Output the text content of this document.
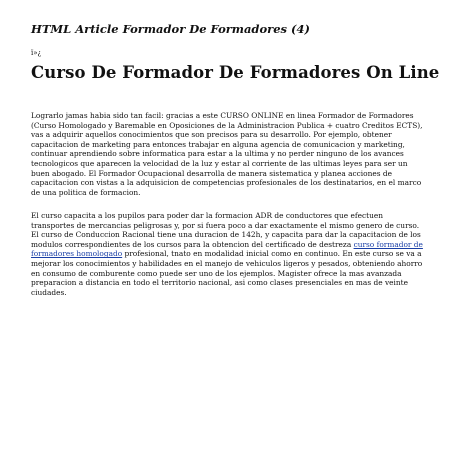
HTML Article Formador De Formadores (4)

ï»¿

Curso De Formador De Formadores On Line

Lograrlo jamas habia sido tan facil: gracias a este CURSO ONLINE en linea Formador de Formadores (Curso Homologado y Baremable en Oposiciones de la Administracion Publica + cuatro Creditos ECTS), vas a adquirir aquellos conocimientos que son precisos para su desarrollo. Por ejemplo, obtener capacitacion de marketing para entonces trabajar en alguna agencia de comunicacion y marketing, continuar aprendiendo sobre informatica para estar a la ultima y no perder ninguno de los avances tecnologicos que aparecen la velocidad de la luz y estar al corriente de las ultimas leyes para ser un buen abogado. El Formador Ocupacional desarrolla de manera sistematica y planea acciones de capacitacion con vistas a la adquisicion de competencias profesionales de los destinatarios, en el marco de una politica de formacion.

El curso capacita a los pupilos para poder dar la formacion ADR de conductores que efectuen transportes de mercancias peligrosas y, por si fuera poco a dar exactamente el mismo genero de curso. El curso de Conduccion Racional tiene una duracion de 142h, y capacita para dar la capacitacion de los modulos correspondientes de los cursos para la obtencion del certificado de destreza curso formador de formadores homologado profesional, tnato en modalidad inicial como en continuo. En este curso se va a mejorar los conocimientos y habilidades en el manejo de vehiculos ligeros y pesados, obteniendo ahorro en consumo de comburente como puede ser uno de los ejemplos. Magister ofrece la mas avanzada preparacion a distancia en todo el territorio nacional, asi como clases presenciales en mas de veinte ciudades.
